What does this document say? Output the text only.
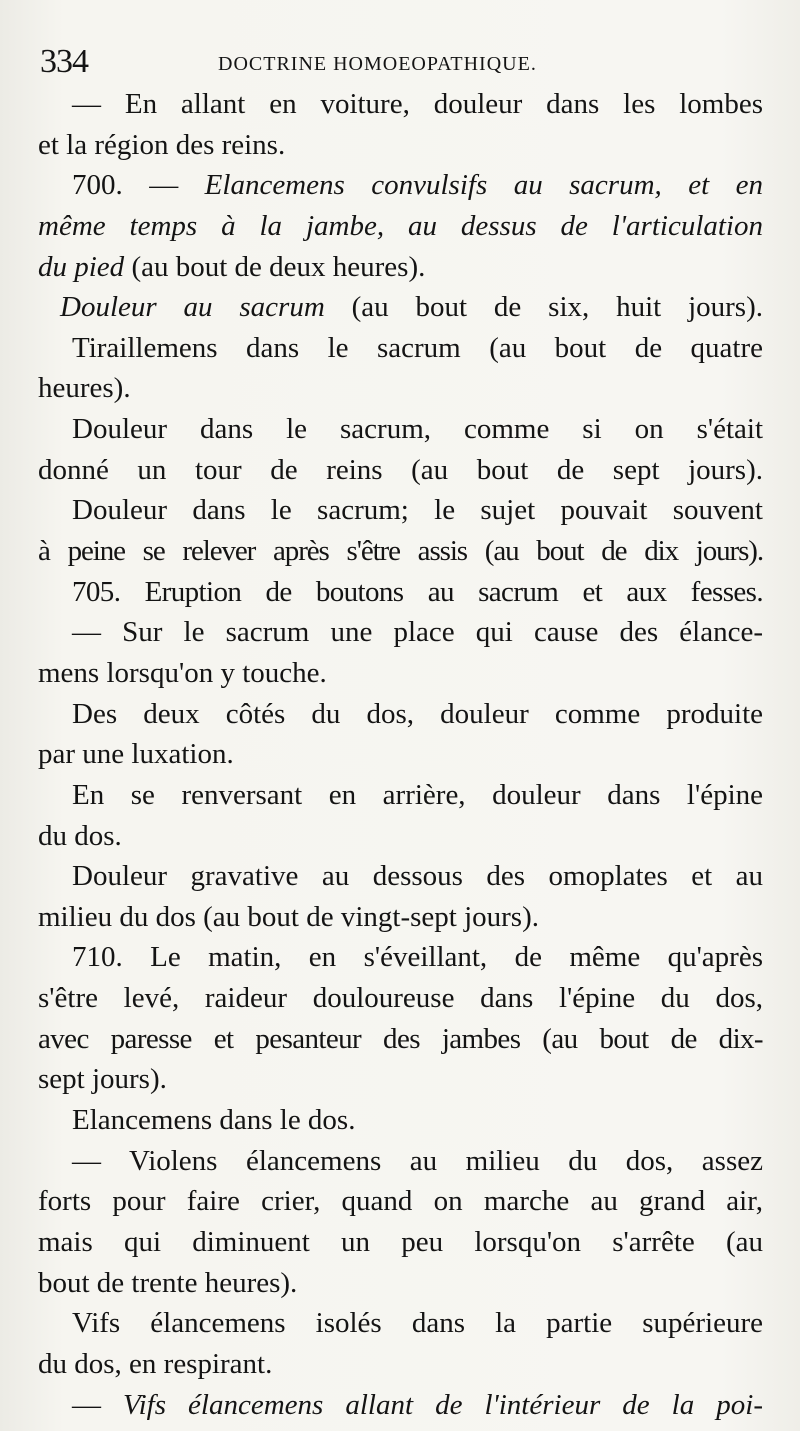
334	DOCTRINE HOMOEOPATHIQUE.
— En allant en voiture, douleur dans les lombes
et la région des reins.
700. — Elancemens convulsifs au sacrum, et en
même temps à la jambe, au dessus de l'articulation
du pied (au bout de deux heures).
Douleur au sacrum (au bout de six, huit jours).
Tiraillemens dans le sacrum (au bout de quatre
heures).
Douleur dans le sacrum, comme si on s'était
donné un tour de reins (au bout de sept jours).
Douleur dans le sacrum; le sujet pouvait souvent
à peine se relever après s'être assis (au bout de dix jours).
705. Eruption de boutons au sacrum et aux fesses.
— Sur le sacrum une place qui cause des élance-
mens lorsqu'on y touche.
Des deux côtés du dos, douleur comme produite
par une luxation.
En se renversant en arrière, douleur dans l'épine
du dos.
Douleur gravative au dessous des omoplates et au
milieu du dos (au bout de vingt-sept jours).
710. Le matin, en s'éveillant, de même qu'après
s'être levé, raideur douloureuse dans l'épine du dos,
avec paresse et pesanteur des jambes (au bout de dix-
sept jours).
Elancemens dans le dos.
— Violens élancemens au milieu du dos, assez
forts pour faire crier, quand on marche au grand air,
mais qui diminuent un peu lorsqu'on s'arrête (au
bout de trente heures).
Vifs élancemens isolés dans la partie supérieure
du dos, en respirant.
— Vifs élancemens allant de l'intérieur de la poi-
